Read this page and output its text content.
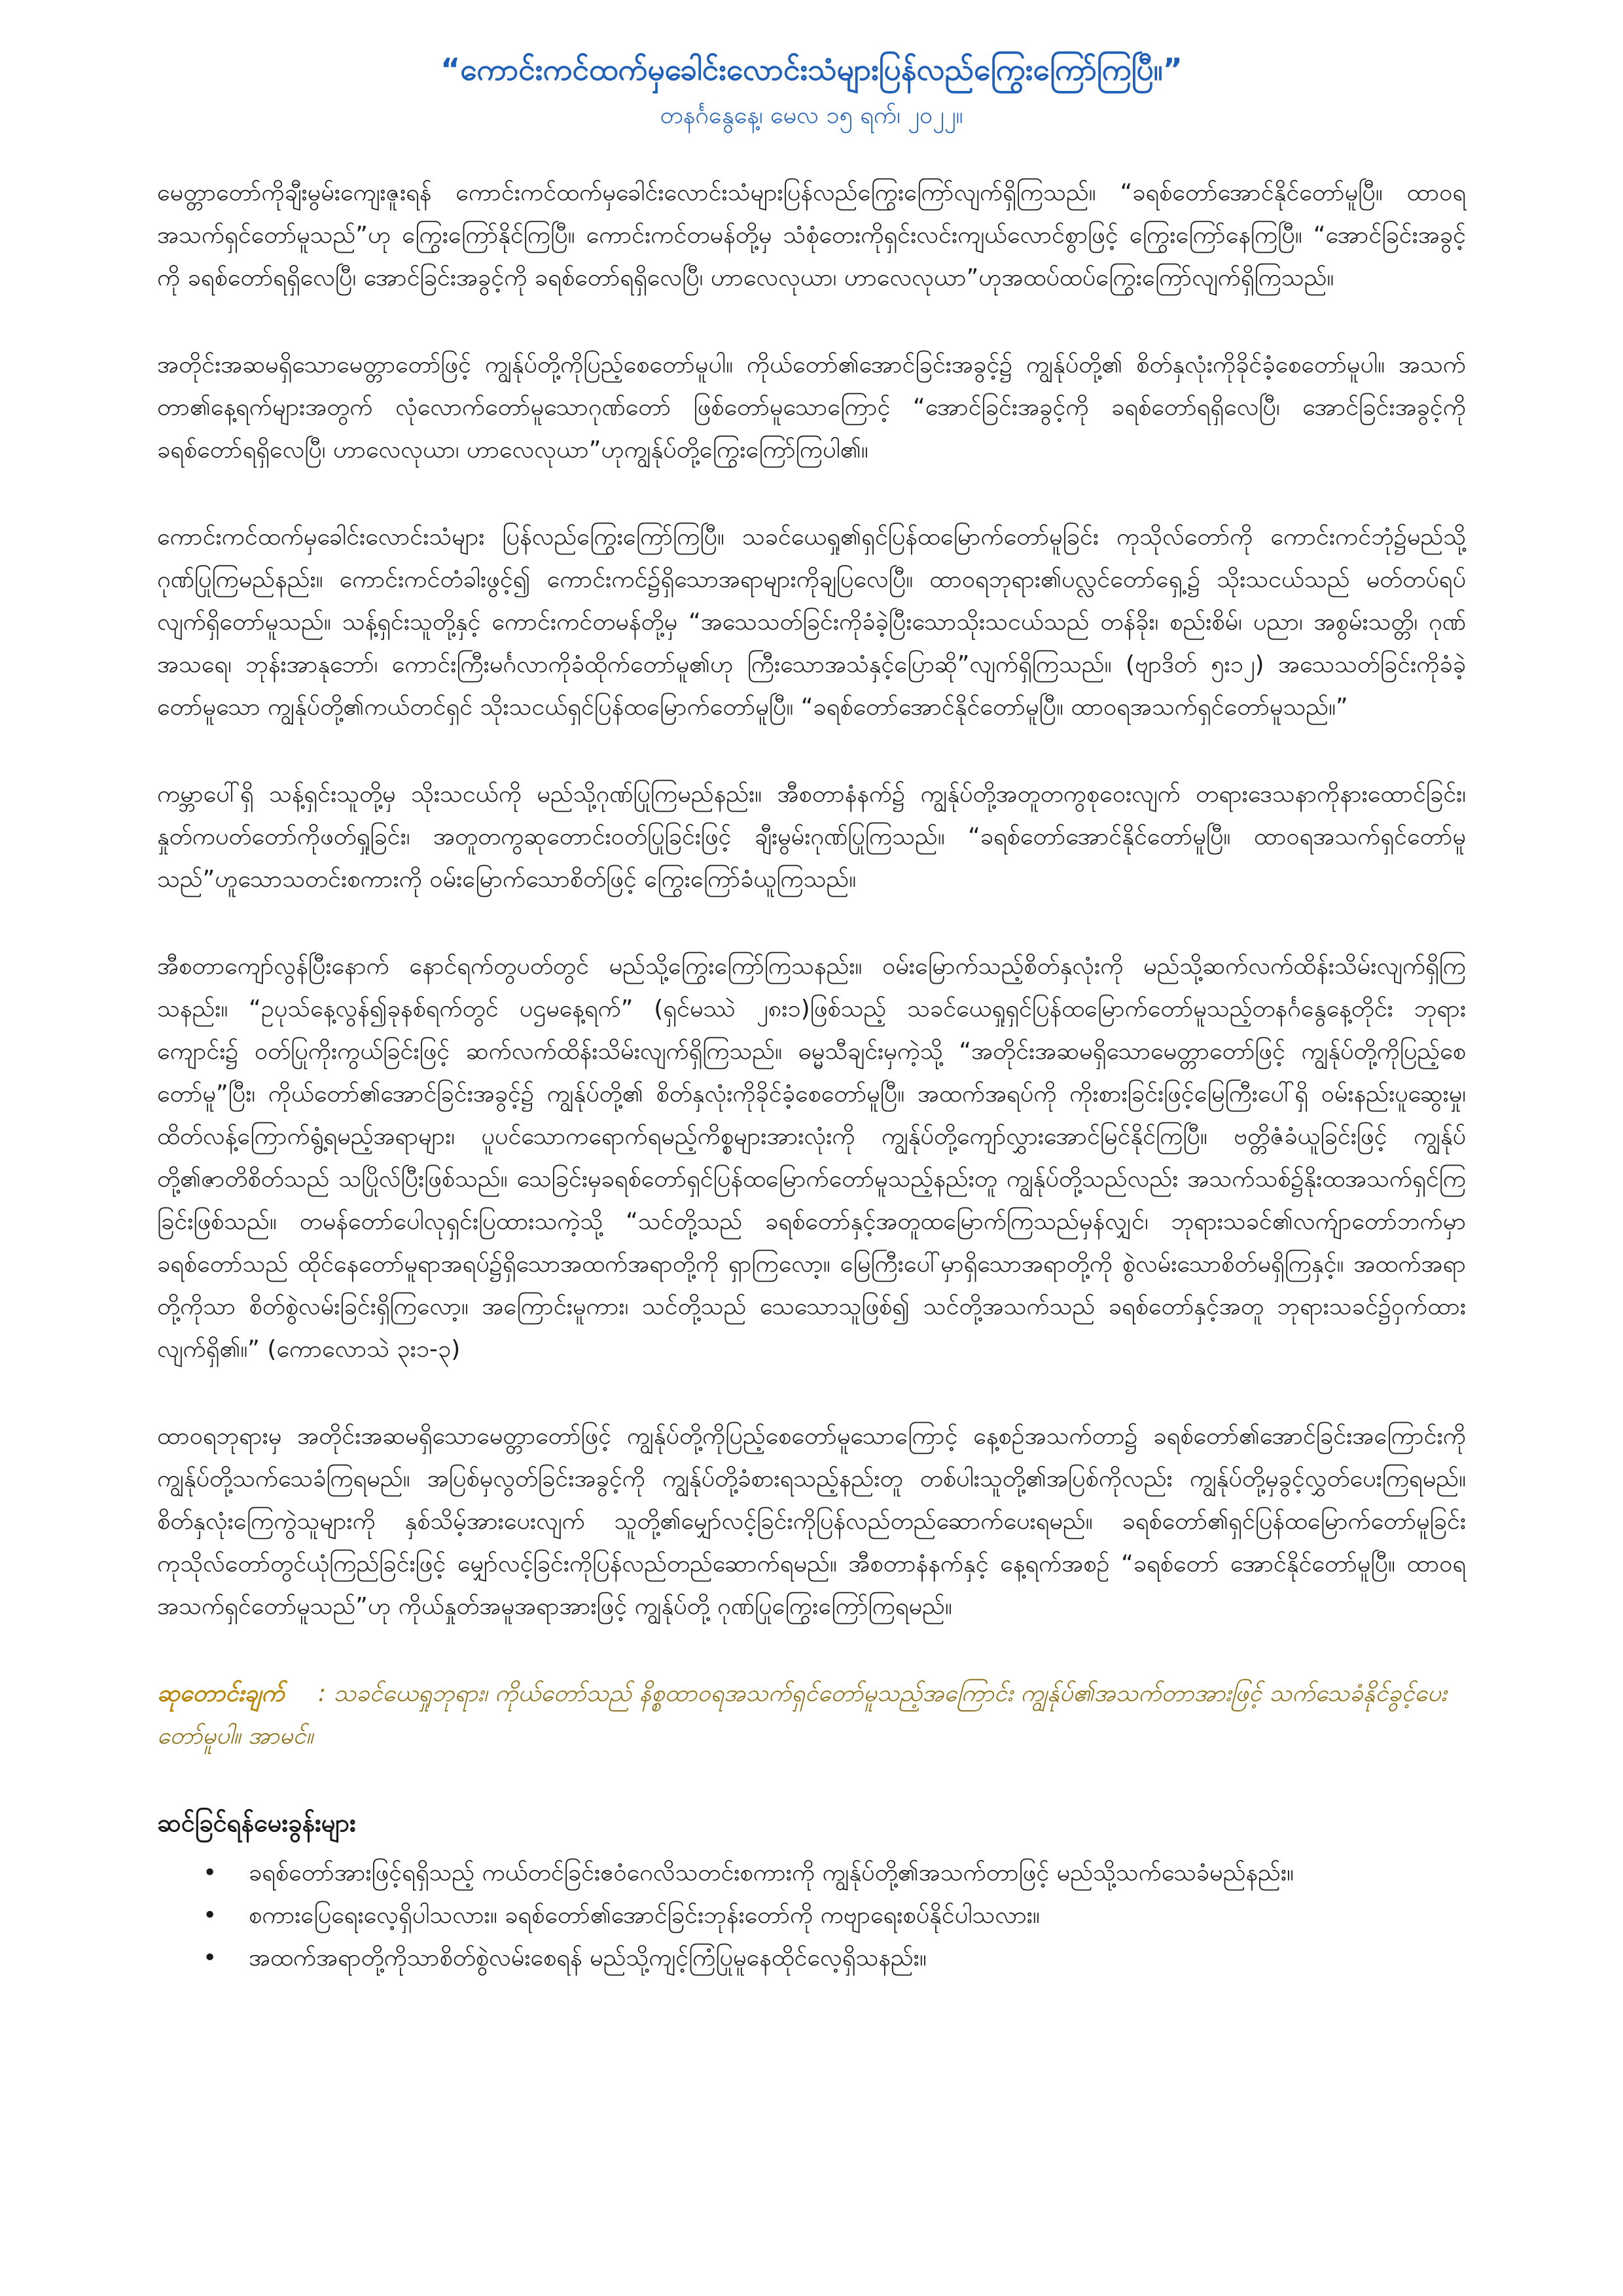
“ကောင်းကင်ထက်မှခေါင်းလောင်းသံများပြန်လည်ကြွေးကြော်ကြပြီ။”

တနင်္ဂနွေနေ့၊ မေလ ၁၅ ရက်၊ ၂၀၂၂။

မေတ္တာတော်ကိုချီးမွမ်းကျေးဇူးရန် ကောင်းကင်ထက်မှခေါင်းလောင်းသံများပြန်လည်ကြွေးကြော်လျက်ရှိကြသည်။ “ခရစ်တော်အောင်နိုင်တော်မူပြီ။ ထာဝရအသက်ရှင်တော်မူသည်”ဟု ကြွေးကြော်နိုင်ကြပြီ။ ကောင်းကင်တမန်တို့မှ သံစုံတေးကိုရှင်းလင်းကျယ်လောင်စွာဖြင့် ကြွေးကြော်နေကြပြီ။ “အောင်ခြင်းအခွင့်ကို ခရစ်တော်ရရှိလေပြီ၊ အောင်ခြင်းအခွင့်ကို ခရစ်တော်ရရှိလေပြီ၊ ဟာလေလုယာ၊ ဟာလေလုယာ”ဟုအထပ်ထပ်ကြွေးကြော်လျက်ရှိကြသည်။

အတိုင်းအဆမရှိသောမေတ္တာတော်ဖြင့် ကျွန်ုပ်တို့ကိုပြည့်စေတော်မူပါ။ ကိုယ်တော်၏အောင်ခြင်းအခွင့်၌ ကျွန်ုပ်တို့၏ စိတ်နှလုံးကိုခိုင်ခံ့စေတော်မူပါ။ အသက်တာ၏နေ့ရက်များအတွက် လုံလောက်တော်မူသောဂုဏ်တော် ဖြစ်တော်မူသောကြောင့် “အောင်ခြင်းအခွင့်ကို ခရစ်တော်ရရှိလေပြီ၊ အောင်ခြင်းအခွင့်ကို ခရစ်တော်ရရှိလေပြီ၊ ဟာလေလုယာ၊ ဟာလေလုယာ”ဟုကျွန်ုပ်တို့ကြွေးကြော်ကြပါ၏။

ကောင်းကင်ထက်မှခေါင်းလောင်းသံများ ပြန်လည်ကြွေးကြော်ကြပြီ။ သခင်ယေရှု၏ရှင်ပြန်ထမြောက်တော်မူခြင်း ကုသိုလ်တော်ကို ကောင်းကင်ဘုံ၌မည်သို့ ဂုဏ်ပြုကြမည်နည်း။ ကောင်းကင်တံခါးဖွင့်၍ ကောင်းကင်၌ရှိသောအရာများကိုချပြလေပြီ။ ထာဝရဘုရား၏ပလ္လင်တော်ရှေ့၌ သိုးသငယ်သည် မတ်တပ်ရပ်လျက်ရှိတော်မူသည်။ သန့်ရှင်းသူတို့နှင့် ကောင်းကင်တမန်တို့မှ “အသေသတ်ခြင်းကိုခံခဲ့ပြီးသောသိုးသငယ်သည် တန်ခိုး၊ စည်းစိမ်၊ ပညာ၊ အစွမ်းသတ္တိ၊ ဂုဏ်အသရေ၊ ဘုန်းအာနုဘော်၊ ကောင်းကြီးမင်္ဂလာကိုခံထိုက်တော်မူ၏ဟု ကြီးသောအသံနှင့်ပြောဆို”လျက်ရှိကြသည်။ (ဗျာဒိတ် ၅း၁၂) အသေသတ်ခြင်းကိုခံခဲ့တော်မူသော ကျွန်ုပ်တို့၏ကယ်တင်ရှင် သိုးသငယ်ရှင်ပြန်ထမြောက်တော်မူပြီ။ “ခရစ်တော်အောင်နိုင်တော်မူပြီ။ ထာဝရအသက်ရှင်တော်မူသည်။”

ကမ္ဘာပေါ်ရှိ သန့်ရှင်းသူတို့မှ သိုးသငယ်ကို မည်သို့ဂုဏ်ပြုကြမည်နည်း။ အီစတာနံနက်၌ ကျွန်ုပ်တို့အတူတကွစုဝေးလျက် တရားဒေသနာကိုနားထောင်ခြင်း၊ နှုတ်ကပတ်တော်ကိုဖတ်ရှုခြင်း၊ အတူတကွဆုတောင်းဝတ်ပြုခြင်းဖြင့် ချီးမွမ်းဂုဏ်ပြုကြသည်။ “ခရစ်တော်အောင်နိုင်တော်မူပြီ။ ထာဝရအသက်ရှင်တော်မူသည်”ဟူသောသတင်းစကားကို ဝမ်းမြောက်သောစိတ်ဖြင့် ကြွေးကြော်ခံယူကြသည်။

အီစတာကျော်လွန်ပြီးနောက် နောင်ရက်တွပတ်တွင် မည်သို့ကြွေးကြော်ကြသနည်း။ ဝမ်းမြောက်သည့်စိတ်နှလုံးကို မည်သို့ဆက်လက်ထိန်းသိမ်းလျက်ရှိကြသနည်း။ “ဥပုသ်နေ့လွန်၍ခုနစ်ရက်တွင် ပဌမနေ့ရက်” (ရှင်မဿဲ ၂၈း၁)ဖြစ်သည့် သခင်ယေရှုရှင်ပြန်ထမြောက်တော်မူသည့်တနင်္ဂနွေနေ့တိုင်း ဘုရားကျောင်း၌ ဝတ်ပြုကိုးကွယ်ခြင်းဖြင့် ဆက်လက်ထိန်းသိမ်းလျက်ရှိကြသည်။ ဓမ္မသီချင်းမှကဲ့သို့ “အတိုင်းအဆမရှိသောမေတ္တာတော်ဖြင့် ကျွန်ုပ်တို့ကိုပြည့်စေတော်မူ”ပြီး၊ ကိုယ်တော်၏အောင်ခြင်းအခွင့်၌ ကျွန်ုပ်တို့၏ စိတ်နှလုံးကိုခိုင်ခံ့စေတော်မူပြီ။ အထက်အရပ်ကို ကိုးစားခြင်းဖြင့်မြေကြီးပေါ်ရှိ ဝမ်းနည်းပူဆွေးမှု၊ ထိတ်လန့်ကြောက်ရွံ့ရမည့်အရာများ၊ ပူပင်သောကရောက်ရမည့်ကိစ္စများအားလုံးကို ကျွန်ုပ်တို့ကျော်လွှားအောင်မြင်နိုင်ကြပြီ။ ဗတ္တိဇံခံယူခြင်းဖြင့် ကျွန်ုပ်တို့၏ဇာတိစိတ်သည် သပြိုလ်ပြီးဖြစ်သည်။ သေခြင်းမှခရစ်တော်ရှင်ပြန်ထမြောက်တော်မူသည့်နည်းတူ ကျွန်ုပ်တို့သည်လည်း အသက်သစ်၌နိုးထအသက်ရှင်ကြခြင်းဖြစ်သည်။ တမန်တော်ပေါလုရှင်းပြထားသကဲ့သို့ “သင်တို့သည် ခရစ်တော်နှင့်အတူထမြောက်ကြသည်မှန်လျှင်၊ ဘုရားသခင်၏လက်ျာတော်ဘက်မှာခရစ်တော်သည် ထိုင်နေတော်မူရာအရပ်၌ရှိသောအထက်အရာတို့ကို ရှာကြလော့။ မြေကြီးပေါ်မှာရှိသောအရာတို့ကို စွဲလမ်းသောစိတ်မရှိကြနှင့်။ အထက်အရာတို့ကိုသာ စိတ်စွဲလမ်းခြင်းရှိကြလော့။ အကြောင်းမူကား၊ သင်တို့သည် သေသောသူဖြစ်၍ သင်တို့အသက်သည် ခရစ်တော်နှင့်အတူ ဘုရားသခင်၌ဝှက်ထားလျက်ရှိ၏။” (ကောလောသဲ ၃း၁-၃)

ထာဝရဘုရားမှ အတိုင်းအဆမရှိသောမေတ္တာတော်ဖြင့် ကျွန်ုပ်တို့ကိုပြည့်စေတော်မူသောကြောင့် နေ့စဉ်အသက်တာ၌ ခရစ်တော်၏အောင်ခြင်းအကြောင်းကို ကျွန်ုပ်တို့သက်သေခံကြရမည်။ အပြစ်မှလွတ်ခြင်းအခွင့်ကို ကျွန်ုပ်တို့ခံစားရသည့်နည်းတူ တစ်ပါးသူတို့၏အပြစ်ကိုလည်း ကျွန်ုပ်တို့မှခွင့်လွှတ်ပေးကြရမည်။ စိတ်နှလုံးကြေကွဲသူများကို နှစ်သိမ့်အားပေးလျက် သူတို့၏မျှော်လင့်ခြင်းကိုပြန်လည်တည်ဆောက်ပေးရမည်။ ခရစ်တော်၏ရှင်ပြန်ထမြောက်တော်မူခြင်း ကုသိုလ်တော်တွင်ယုံကြည်ခြင်းဖြင့် မျှော်လင့်ခြင်းကိုပြန်လည်တည်ဆောက်ရမည်။ အီစတာနံနက်နှင့် နေ့ရက်အစဉ် “ခရစ်တော် အောင်နိုင်တော်မူပြီ။ ထာဝရအသက်ရှင်တော်မူသည်”ဟု ကိုယ်နှုတ်အမူအရာအားဖြင့် ကျွန်ုပ်တို့ ဂုဏ်ပြုကြွေးကြော်ကြရမည်။

ဆုတောင်းချက် : သခင်ယေရှုဘုရား၊ ကိုယ်တော်သည် နိစ္စထာဝရအသက်ရှင်တော်မူသည့်အကြောင်း ကျွန်ုပ်၏အသက်တာအားဖြင့် သက်သေခံနိုင်ခွင့်ပေးတော်မူပါ။ အာမင်။

ဆင်ခြင်ရန်မေးခွန်းများ

• ခရစ်တော်အားဖြင့်ရရှိသည့် ကယ်တင်ခြင်းဧဝံဂေလိသတင်းစကားကို ကျွန်ုပ်တို့၏အသက်တာဖြင့် မည်သို့သက်သေခံမည်နည်း။
• စကားပြေရေးလေ့ရှိပါသလား။ ခရစ်တော်၏အောင်ခြင်းဘုန်းတော်ကို ကဗျာရေးစပ်နိုင်ပါသလား။
• အထက်အရာတို့ကိုသာစိတ်စွဲလမ်းစေရန် မည်သို့ကျင့်ကြံပြုမူနေထိုင်လေ့ရှိသနည်း။
